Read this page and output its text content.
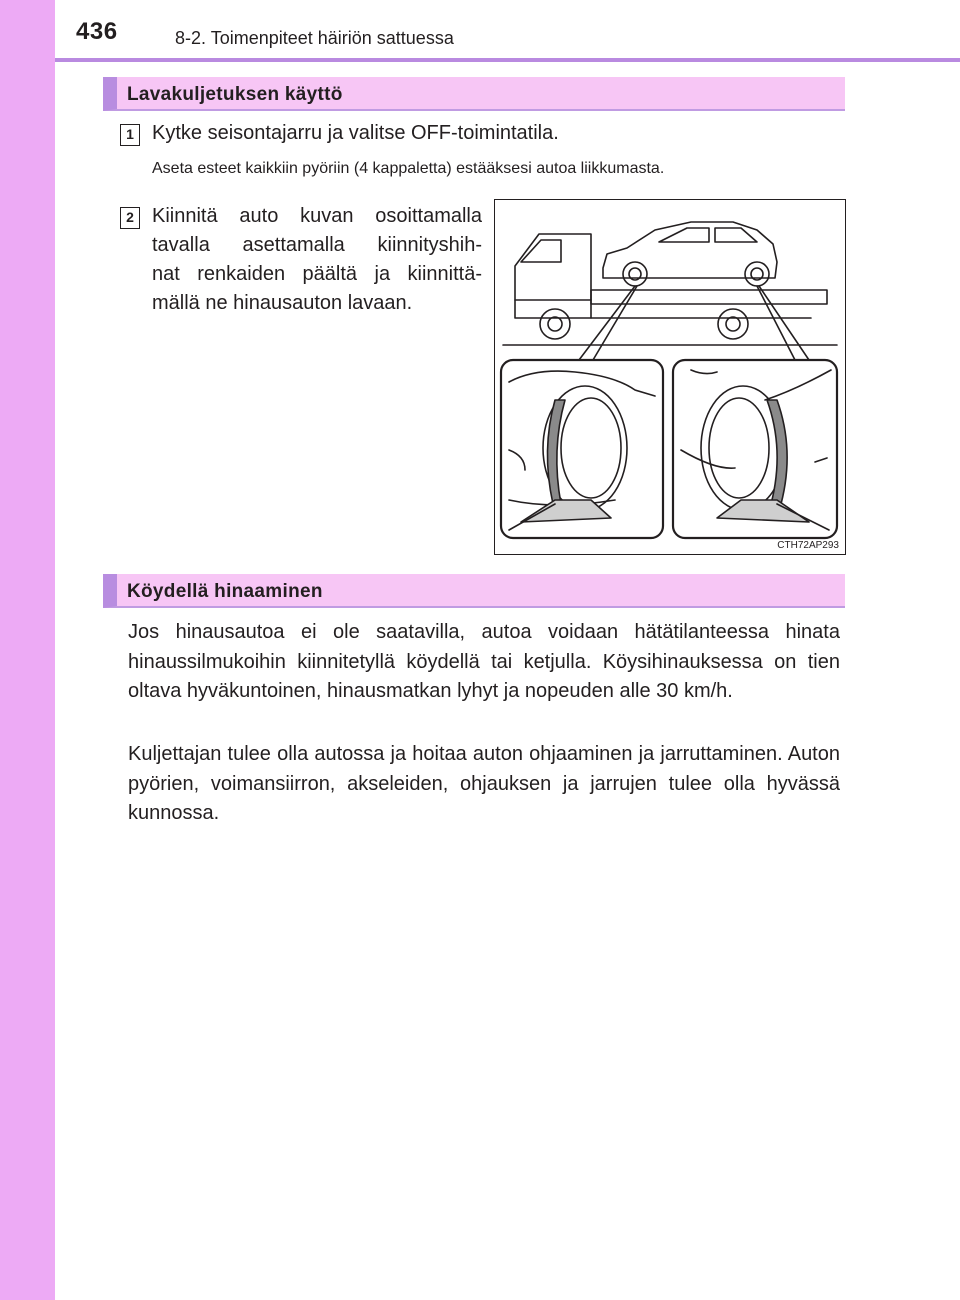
436	8-2. Toimenpiteet häiriön sattuessa
Lavakuljetuksen käyttö
1 Kytke seisontajarru ja valitse OFF-toimintatila.
Aseta esteet kaikkiin pyöriin (4 kappaletta) estääksesi autoa liikkumasta.
2 Kiinnitä auto kuvan osoittamalla
tavalla asettamalla kiinnityshih-
nat renkaiden päältä ja kiinnittä-
mällä ne hinausauton lavaan.
CTH72AP293
Köydellä hinaaminen

Jos hinausautoa ei ole saatavilla, autoa voidaan hätätilanteessa hinata hinaussilmukoihin kiinnitetyllä köydellä tai ketjulla. Köysihinauksessa on tien oltava hyväkuntoinen, hinausmatkan lyhyt ja nopeuden alle 30 km/h.

Kuljettajan tulee olla autossa ja hoitaa auton ohjaaminen ja jarruttaminen. Auton pyörien, voimansiirron, akseleiden, ohjauksen ja jarrujen tulee olla hyvässä kunnossa.
